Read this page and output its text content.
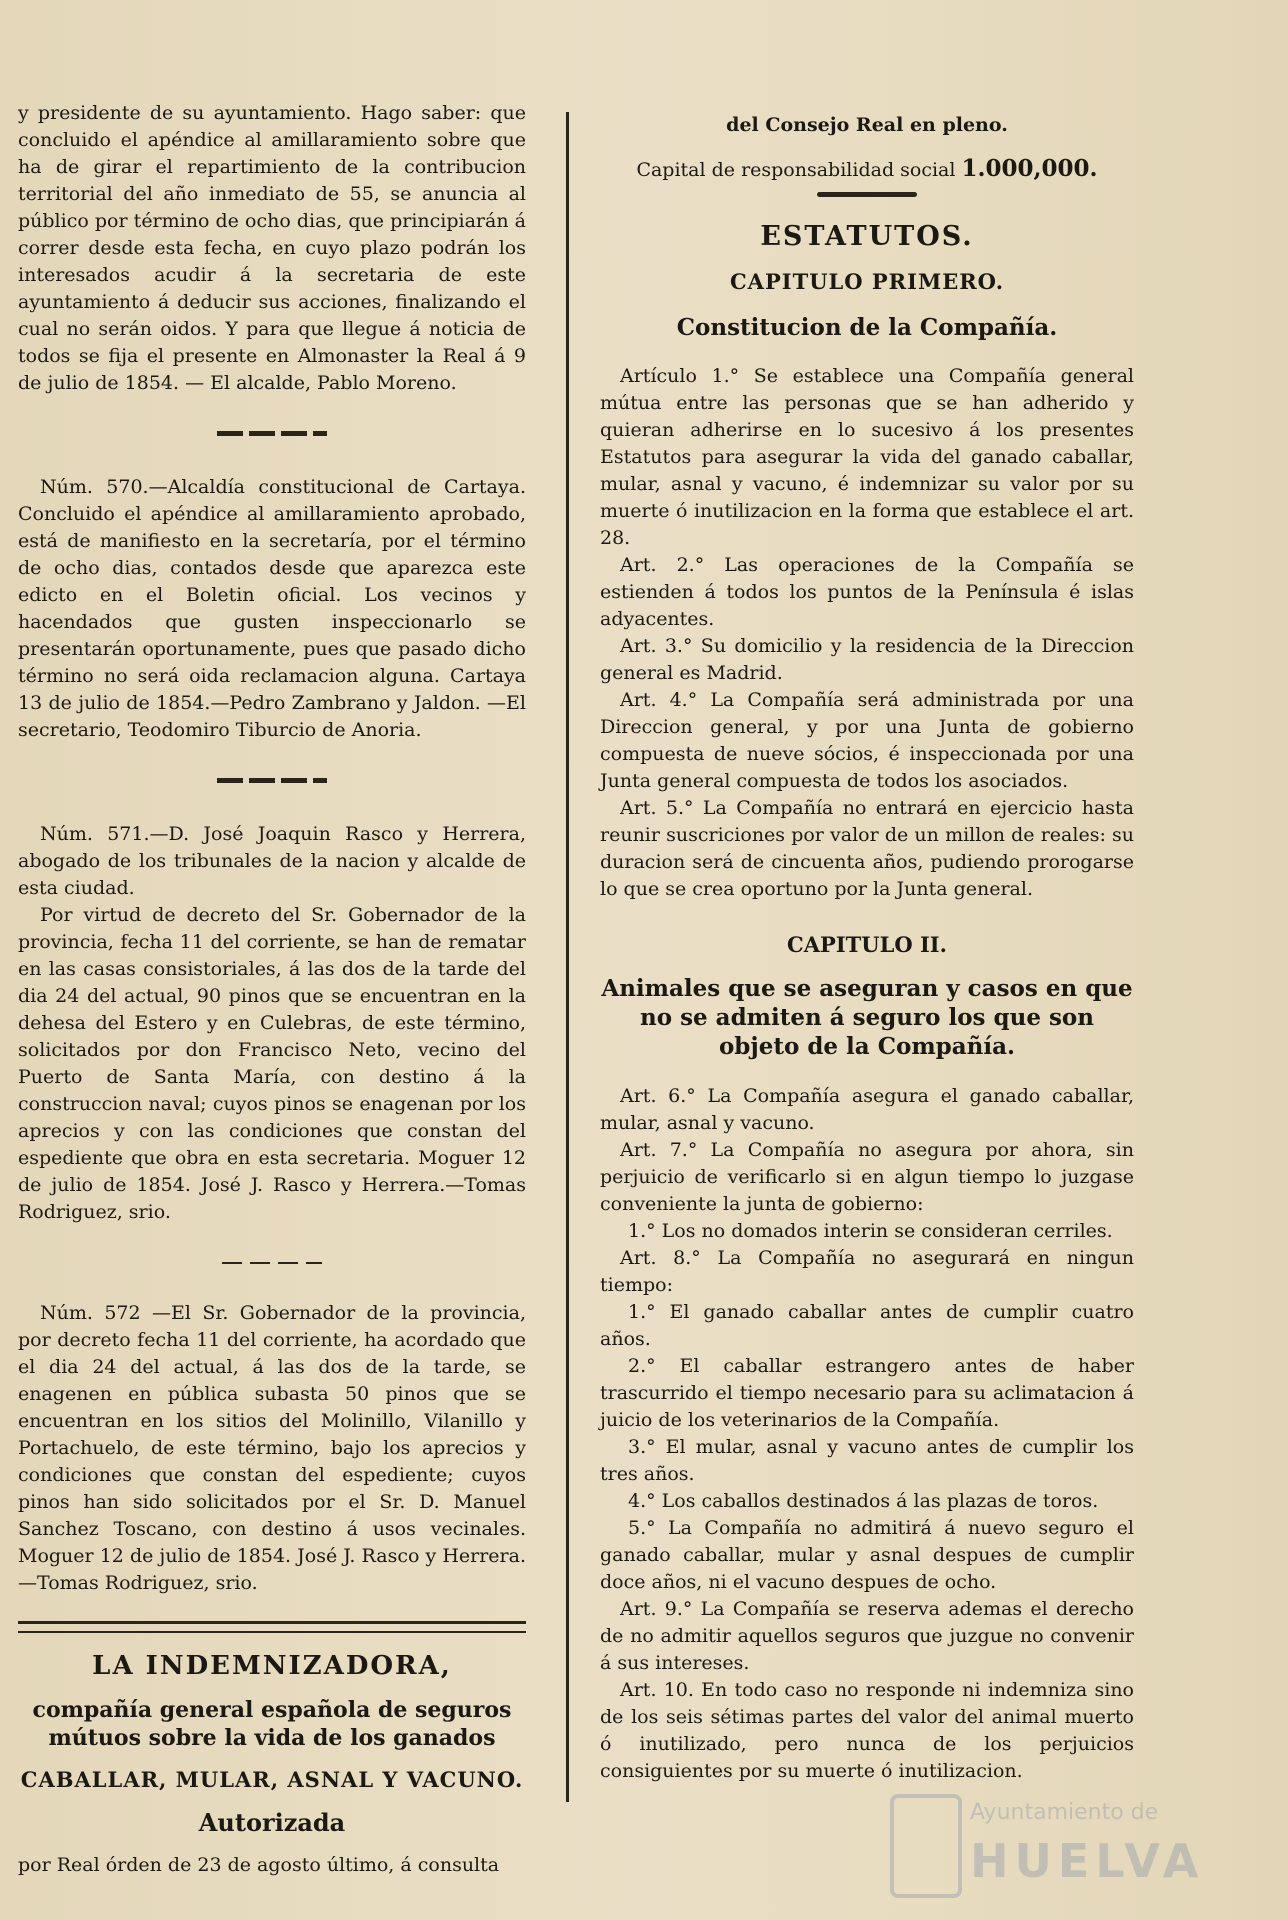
y presidente de su ayuntamiento. Hago saber: que concluido el apéndice al amillaramiento sobre que ha de girar el repartimiento de la contribucion territorial del año inmediato de 55, se anuncia al público por término de ocho dias, que principiarán á correr desde esta fecha, en cuyo plazo podrán los interesados acudir á la secretaria de este ayuntamiento á deducir sus acciones, finalizando el cual no serán oidos. Y para que llegue á noticia de todos se fija el presente en Almonaster la Real á 9 de julio de 1854. — El alcalde, Pablo Moreno.

Núm. 570.—Alcaldía constitucional de Cartaya. Concluido el apéndice al amillaramiento aprobado, está de manifiesto en la secretaría, por el término de ocho dias, contados desde que aparezca este edicto en el Boletin oficial. Los vecinos y hacendados que gusten inspeccionarlo se presentarán oportunamente, pues que pasado dicho término no será oida reclamacion alguna. Cartaya 13 de julio de 1854.—Pedro Zambrano y Jaldon. —El secretario, Teodomiro Tiburcio de Anoria.

Núm. 571.—D. José Joaquin Rasco y Herrera, abogado de los tribunales de la nacion y alcalde de esta ciudad.

Por virtud de decreto del Sr. Gobernador de la provincia, fecha 11 del corriente, se han de rematar en las casas consistoriales, á las dos de la tarde del dia 24 del actual, 90 pinos que se encuentran en la dehesa del Estero y en Culebras, de este término, solicitados por don Francisco Neto, vecino del Puerto de Santa María, con destino á la construccion naval; cuyos pinos se enagenan por los aprecios y con las condiciones que constan del espediente que obra en esta secretaria. Moguer 12 de julio de 1854. José J. Rasco y Herrera.—Tomas Rodriguez, srio.

Núm. 572 —El Sr. Gobernador de la provincia, por decreto fecha 11 del corriente, ha acordado que el dia 24 del actual, á las dos de la tarde, se enagenen en pública subasta 50 pinos que se encuentran en los sitios del Molinillo, Vilanillo y Portachuelo, de este término, bajo los aprecios y condiciones que constan del espediente; cuyos pinos han sido solicitados por el Sr. D. Manuel Sanchez Toscano, con destino á usos vecinales. Moguer 12 de julio de 1854. José J. Rasco y Herrera. —Tomas Rodriguez, srio.

LA INDEMNIZADORA,
compañía general española de seguros mútuos sobre la vida de los ganados
CABALLAR, MULAR, ASNAL Y VACUNO.
Autorizada

por Real órden de 23 de agosto último, á consulta

del Consejo Real en pleno.
Capital de responsabilidad social 1.000,000.
ESTATUTOS.
CAPITULO PRIMERO.
Constitucion de la Compañía.

Artículo 1.° Se establece una Compañía general mútua entre las personas que se han adherido y quieran adherirse en lo sucesivo á los presentes Estatutos para asegurar la vida del ganado caballar, mular, asnal y vacuno, é indemnizar su valor por su muerte ó inutilizacion en la forma que establece el art. 28.

Art. 2.° Las operaciones de la Compañía se estienden á todos los puntos de la Península é islas adyacentes.

Art. 3.° Su domicilio y la residencia de la Direccion general es Madrid.

Art. 4.° La Compañía será administrada por una Direccion general, y por una Junta de gobierno compuesta de nueve sócios, é inspeccionada por una Junta general compuesta de todos los asociados.

Art. 5.° La Compañía no entrará en ejercicio hasta reunir suscriciones por valor de un millon de reales: su duracion será de cincuenta años, pudiendo prorogarse lo que se crea oportuno por la Junta general.

CAPITULO II.
Animales que se aseguran y casos en que no se admiten á seguro los que son objeto de la Compañía.

Art. 6.° La Compañía asegura el ganado caballar, mular, asnal y vacuno.

Art. 7.° La Compañía no asegura por ahora, sin perjuicio de verificarlo si en algun tiempo lo juzgase conveniente la junta de gobierno:

1.° Los no domados interin se consideran cerriles.

Art. 8.° La Compañía no asegurará en ningun tiempo:

1.° El ganado caballar antes de cumplir cuatro años.

2.° El caballar estrangero antes de haber trascurrido el tiempo necesario para su aclimatacion á juicio de los veterinarios de la Compañía.

3.° El mular, asnal y vacuno antes de cumplir los tres años.

4.° Los caballos destinados á las plazas de toros.

5.° La Compañía no admitirá á nuevo seguro el ganado caballar, mular y asnal despues de cumplir doce años, ni el vacuno despues de ocho.

Art. 9.° La Compañía se reserva ademas el derecho de no admitir aquellos seguros que juzgue no convenir á sus intereses.

Art. 10. En todo caso no responde ni indemniza sino de los seis sétimas partes del valor del animal muerto ó inutilizado, pero nunca de los perjuicios consiguientes por su muerte ó inutilizacion.

Ayuntamiento de
HUELVA
